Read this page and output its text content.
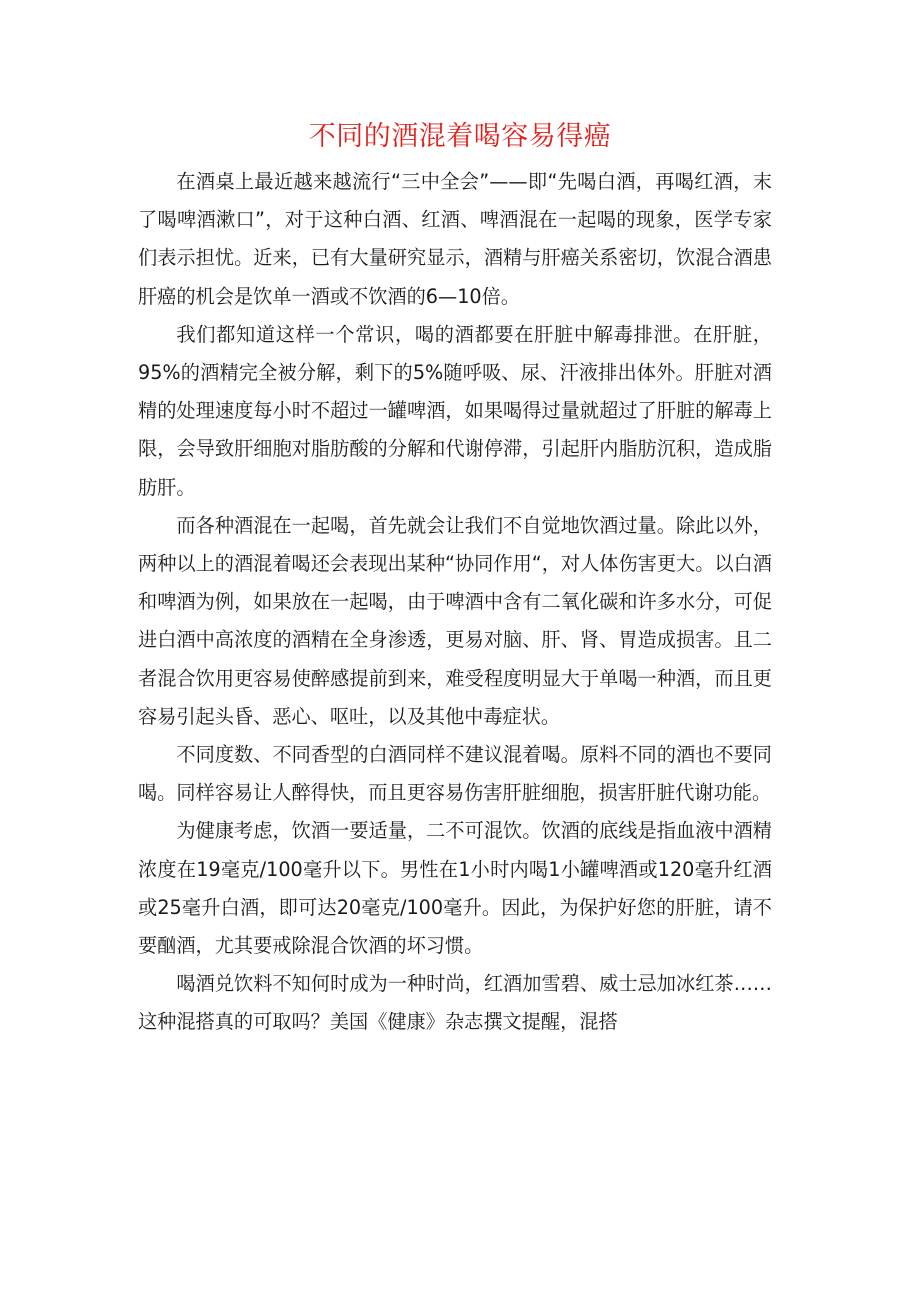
不同的酒混着喝容易得癌

在酒桌上最近越来越流行“三中全会”——即“先喝白酒，再喝红酒，末了喝啤酒漱口”，对于这种白酒、红酒、啤酒混在一起喝的现象，医学专家们表示担忧。近来，已有大量研究显示，酒精与肝癌关系密切，饮混合酒患肝癌的机会是饮单一酒或不饮酒的6—10倍。

我们都知道这样一个常识，喝的酒都要在肝脏中解毒排泄。在肝脏，95%的酒精完全被分解，剩下的5%随呼吸、尿、汗液排出体外。肝脏对酒精的处理速度每小时不超过一罐啤酒，如果喝得过量就超过了肝脏的解毒上限，会导致肝细胞对脂肪酸的分解和代谢停滞，引起肝内脂肪沉积，造成脂肪肝。

而各种酒混在一起喝，首先就会让我们不自觉地饮酒过量。除此以外，两种以上的酒混着喝还会表现出某种“协同作用“，对人体伤害更大。以白酒和啤酒为例，如果放在一起喝，由于啤酒中含有二氧化碳和许多水分，可促进白酒中高浓度的酒精在全身渗透，更易对脑、肝、肾、胃造成损害。且二者混合饮用更容易使醉感提前到来，难受程度明显大于单喝一种酒，而且更容易引起头昏、恶心、呕吐，以及其他中毒症状。

不同度数、不同香型的白酒同样不建议混着喝。原料不同的酒也不要同喝。同样容易让人醉得快，而且更容易伤害肝脏细胞，损害肝脏代谢功能。

为健康考虑，饮酒一要适量，二不可混饮。饮酒的底线是指血液中酒精浓度在19毫克/100毫升以下。男性在1小时内喝1小罐啤酒或120毫升红酒或25毫升白酒，即可达20毫克/100毫升。因此，为保护好您的肝脏，请不要酗酒，尤其要戒除混合饮酒的坏习惯。

喝酒兑饮料不知何时成为一种时尚，红酒加雪碧、威士忌加冰红茶……这种混搭真的可取吗？美国《健康》杂志撰文提醒，混搭
